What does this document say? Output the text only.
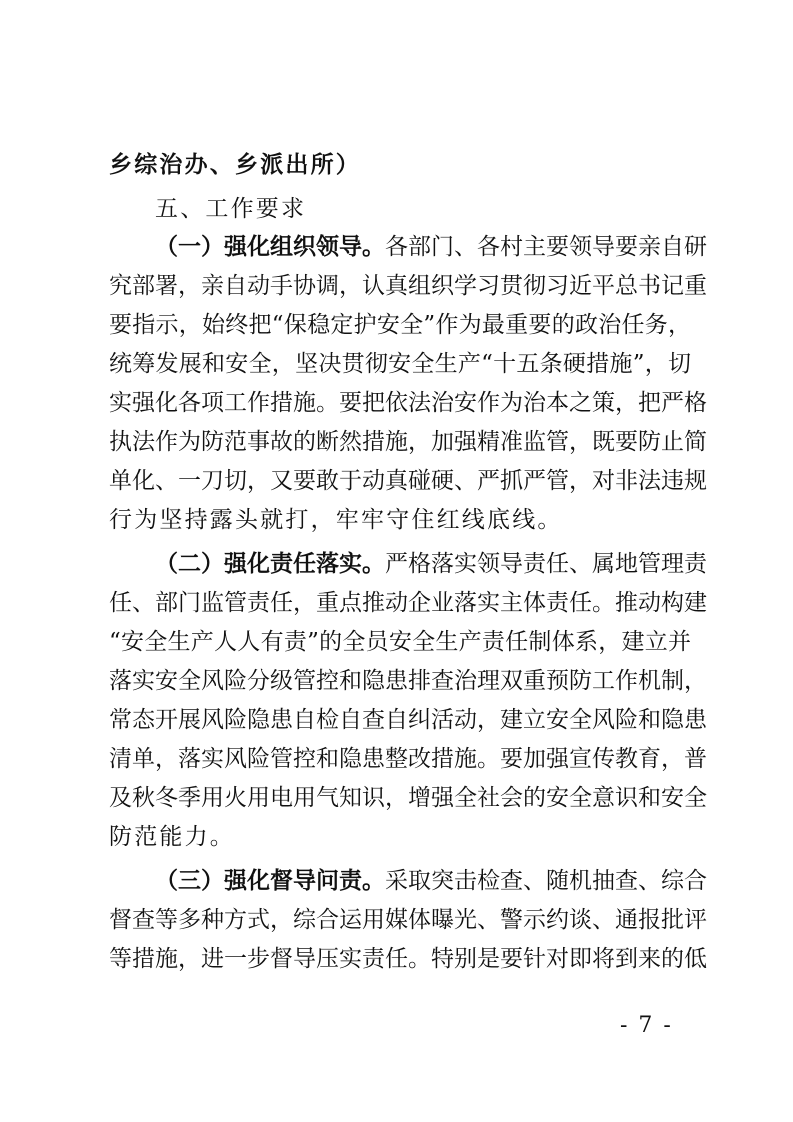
乡综治办、乡派出所）
五、工作要求
（一）强化组织领导。各部门、各村主要领导要亲自研
究部署，亲自动手协调，认真组织学习贯彻习近平总书记重
要指示，始终把“保稳定护安全”作为最重要的政治任务，
统筹发展和安全，坚决贯彻安全生产“十五条硬措施”，切
实强化各项工作措施。要把依法治安作为治本之策，把严格
执法作为防范事故的断然措施，加强精准监管，既要防止简
单化、一刀切，又要敢于动真碰硬、严抓严管，对非法违规
行为坚持露头就打，牢牢守住红线底线。
（二）强化责任落实。严格落实领导责任、属地管理责
任、部门监管责任，重点推动企业落实主体责任。推动构建
“安全生产人人有责”的全员安全生产责任制体系，建立并
落实安全风险分级管控和隐患排查治理双重预防工作机制，
常态开展风险隐患自检自查自纠活动，建立安全风险和隐患
清单，落实风险管控和隐患整改措施。要加强宣传教育，普
及秋冬季用火用电用气知识，增强全社会的安全意识和安全
防范能力。
（三）强化督导问责。采取突击检查、随机抽查、综合
督查等多种方式，综合运用媒体曝光、警示约谈、通报批评
等措施，进一步督导压实责任。特别是要针对即将到来的低
- 7 -
